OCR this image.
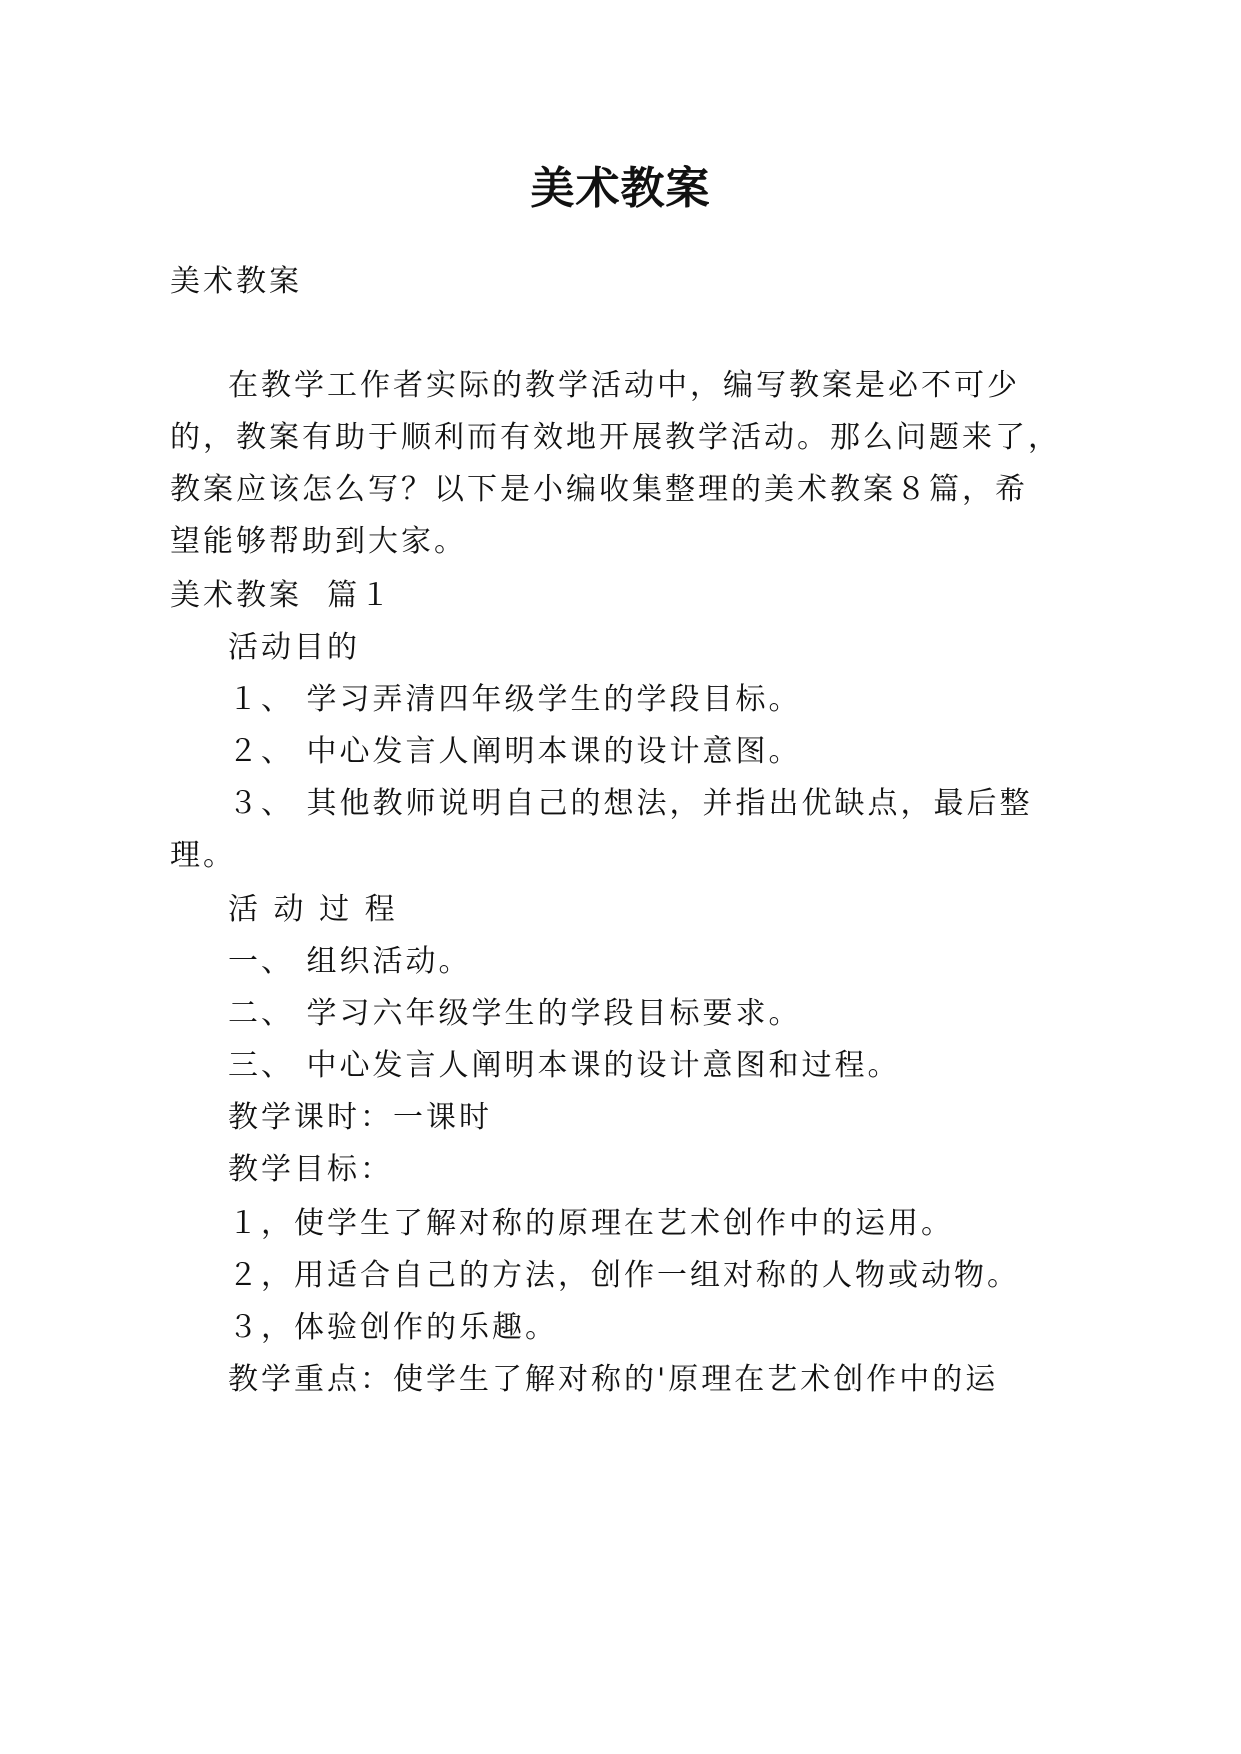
美术教案
美术教案
在教学工作者实际的教学活动中，编写教案是必不可少
的，教案有助于顺利而有效地开展教学活动。那么问题来了，
教案应该怎么写？以下是小编收集整理的美术教案８篇，希
望能够帮助到大家。
美术教案  篇１
活动目的
１、 学习弄清四年级学生的学段目标。
２、 中心发言人阐明本课的设计意图。
３、 其他教师说明自己的想法，并指出优缺点，最后整
理。
活 动 过 程
一、 组织活动。
二、 学习六年级学生的学段目标要求。
三、 中心发言人阐明本课的设计意图和过程。
教学课时：一课时
教学目标：
１，使学生了解对称的原理在艺术创作中的运用。
２，用适合自己的方法，创作一组对称的人物或动物。
３，体验创作的乐趣。
教学重点：使学生了解对称的'原理在艺术创作中的运
